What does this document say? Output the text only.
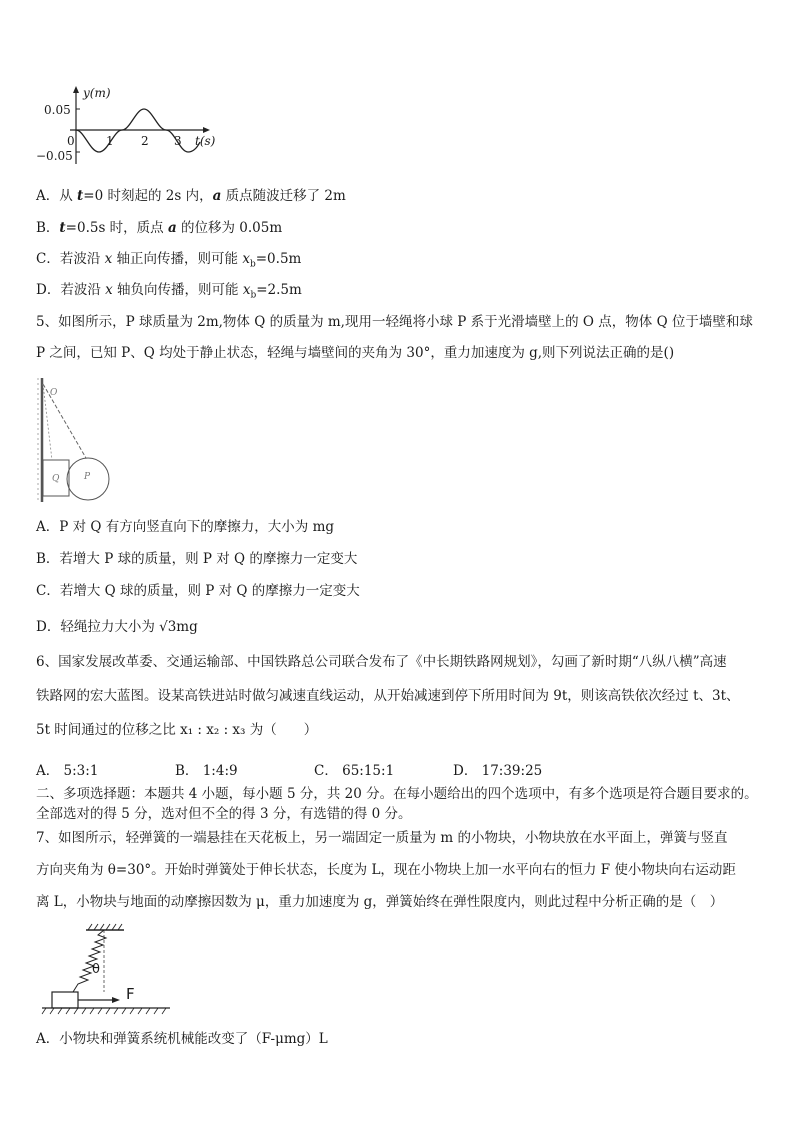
y(m)
0.05
0	1 2 3 t(s)
−0.05
A．从 t=0 时刻起的 2s 内，a 质点随波迁移了 2m
B．t=0.5s 时，质点 a 的位移为 0.05m
C．若波沿 x 轴正向传播，则可能 $x_b=0.5m$
D．若波沿 x 轴负向传播，则可能 $x_b=2.5m$
5、如图所示，P 球质量为 2m,物体 Q 的质量为 m,现用一轻绳将小球 P 系于光滑墙壁上的 O 点，物体 Q 位于墙壁和球
P 之间，已知 P、Q 均处于静止状态，轻绳与墙壁间的夹角为 30°，重力加速度为 g,则下列说法正确的是()
O
Q	P
A．P 对 Q 有方向竖直向下的摩擦力，大小为 mg
B．若增大 P 球的质量，则 P 对 Q 的摩擦力一定变大
C．若增大 Q 球的质量，则 P 对 Q 的摩擦力一定变大
D．轻绳拉力大小为 √3mg
6、国家发展改革委、交通运输部、中国铁路总公司联合发布了《中长期铁路网规划》，勾画了新时期“八纵八横”高速
铁路网的宏大蓝图。设某高铁进站时做匀减速直线运动，从开始减速到停下所用时间为 9t，则该高铁依次经过 t、3t、
5t 时间通过的位移之比 x₁ : x₂ : x₃ 为（　　）
A． 5:3:1	B． 1:4:9	C． 65:15:1	D． 17:39:25
二、多项选择题：本题共 4 小题，每小题 5 分，共 20 分。在每小题给出的四个选项中，有多个选项是符合题目要求的。
全部选对的得 5 分，选对但不全的得 3 分，有选错的得 0 分。
7、如图所示，轻弹簧的一端悬挂在天花板上，另一端固定一质量为 m 的小物块，小物块放在水平面上，弹簧与竖直
方向夹角为 θ=30°。开始时弹簧处于伸长状态，长度为 L，现在小物块上加一水平向右的恒力 F 使小物块向右运动距
离 L，小物块与地面的动摩擦因数为 μ，重力加速度为 g，弹簧始终在弹性限度内，则此过程中分析正确的是（　）
θ
F
A．小物块和弹簧系统机械能改变了（F-μmg）L
